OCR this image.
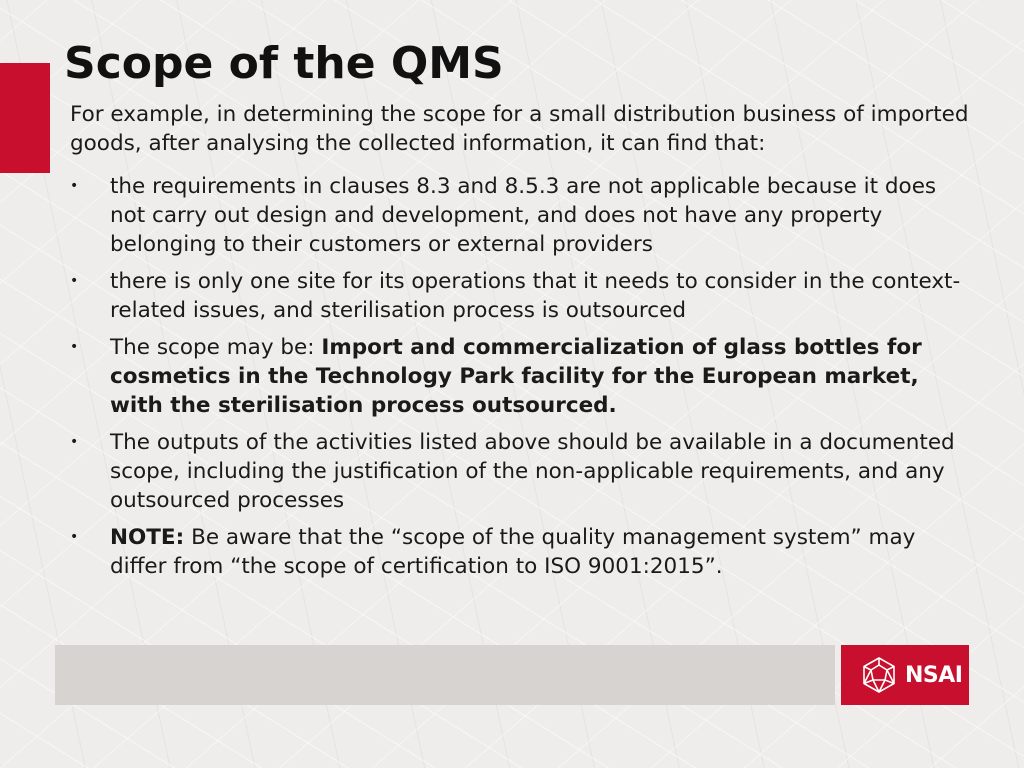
Scope of the QMS

For example, in determining the scope for a small distribution business of imported goods, after analysing the collected information, it can find that:

• the requirements in clauses 8.3 and 8.5.3 are not applicable because it does not carry out design and development, and does not have any property belonging to their customers or external providers
• there is only one site for its operations that it needs to consider in the context-related issues, and sterilisation process is outsourced
• The scope may be: Import and commercialization of glass bottles for cosmetics in the Technology Park facility for the European market, with the sterilisation process outsourced.
• The outputs of the activities listed above should be available in a documented scope, including the justification of the non-applicable requirements, and any outsourced processes
• NOTE: Be aware that the “scope of the quality management system” may differ from “the scope of certification to ISO 9001:2015”.
NSAI
